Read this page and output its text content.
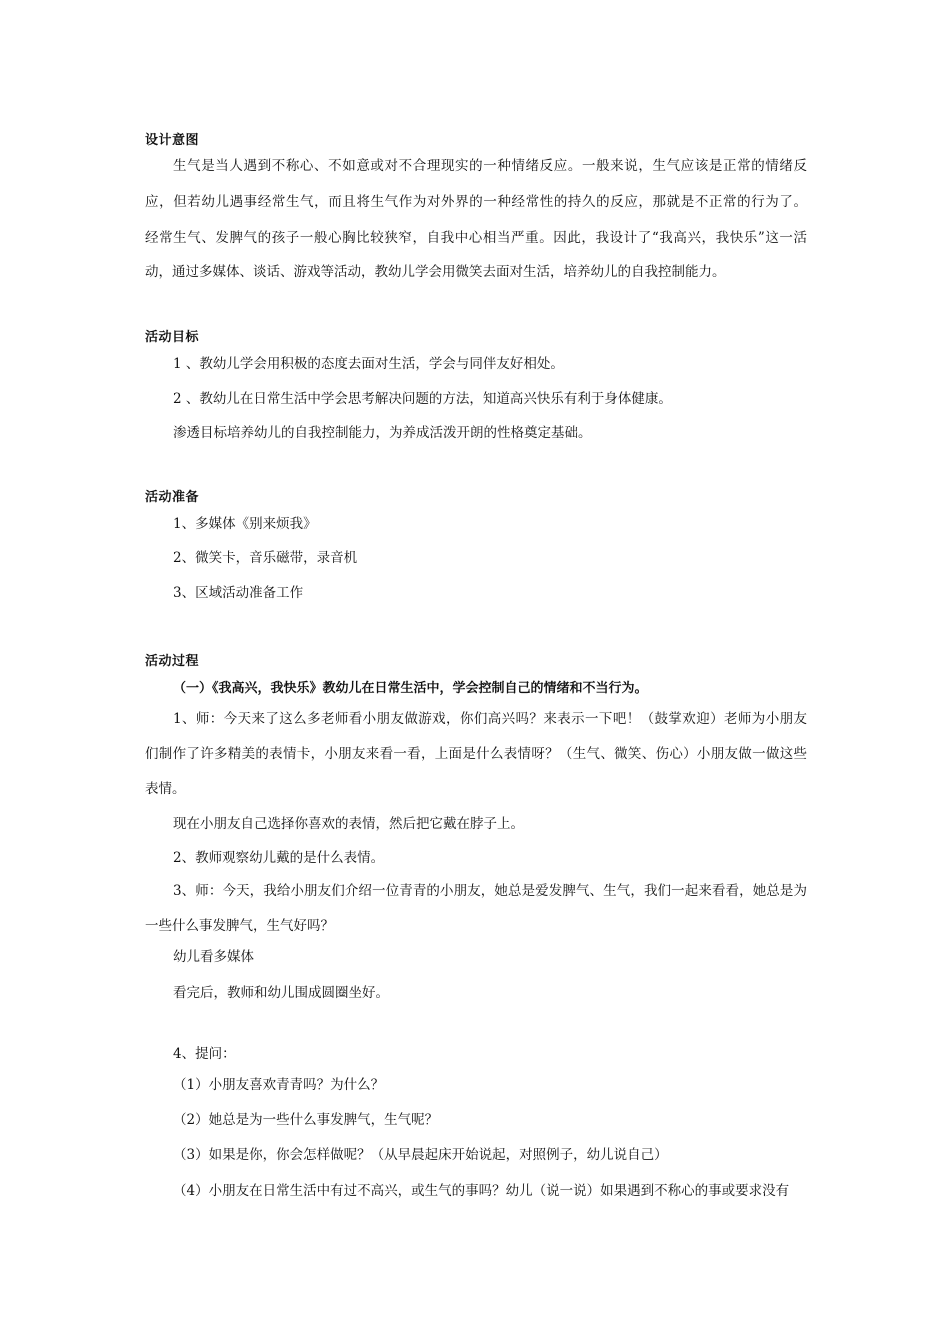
设计意图
生气是当人遇到不称心、不如意或对不合理现实的一种情绪反应。一般来说，生气应该是正常的情绪反
应，但若幼儿遇事经常生气，而且将生气作为对外界的一种经常性的持久的反应，那就是不正常的行为了。
经常生气、发脾气的孩子一般心胸比较狭窄，自我中心相当严重。因此，我设计了“我高兴，我快乐”这一活
动，通过多媒体、谈话、游戏等活动，教幼儿学会用微笑去面对生活，培养幼儿的自我控制能力。
活动目标
1 、教幼儿学会用积极的态度去面对生活，学会与同伴友好相处。
2 、教幼儿在日常生活中学会思考解决问题的方法，知道高兴快乐有利于身体健康。
渗透目标培养幼儿的自我控制能力，为养成活泼开朗的性格奠定基础。
活动准备
1、多媒体《别来烦我》
2、微笑卡，音乐磁带，录音机
3、区域活动准备工作
活动过程
（一）《我高兴，我快乐》教幼儿在日常生活中，学会控制自己的情绪和不当行为。
1、师：今天来了这么多老师看小朋友做游戏，你们高兴吗？来表示一下吧！（鼓掌欢迎）老师为小朋友
们制作了许多精美的表情卡，小朋友来看一看，上面是什么表情呀？（生气、微笑、伤心）小朋友做一做这些
表情。
现在小朋友自己选择你喜欢的表情，然后把它戴在脖子上。
2、教师观察幼儿戴的是什么表情。
3、师：今天，我给小朋友们介绍一位青青的小朋友，她总是爱发脾气、生气，我们一起来看看，她总是为
一些什么事发脾气，生气好吗？
幼儿看多媒体
看完后，教师和幼儿围成圆圈坐好。
4、提问：
（1）小朋友喜欢青青吗？为什么？
（2）她总是为一些什么事发脾气，生气呢？
（3）如果是你，你会怎样做呢？（从早晨起床开始说起，对照例子，幼儿说自己）
（4）小朋友在日常生活中有过不高兴，或生气的事吗？幼儿（说一说）如果遇到不称心的事或要求没有
